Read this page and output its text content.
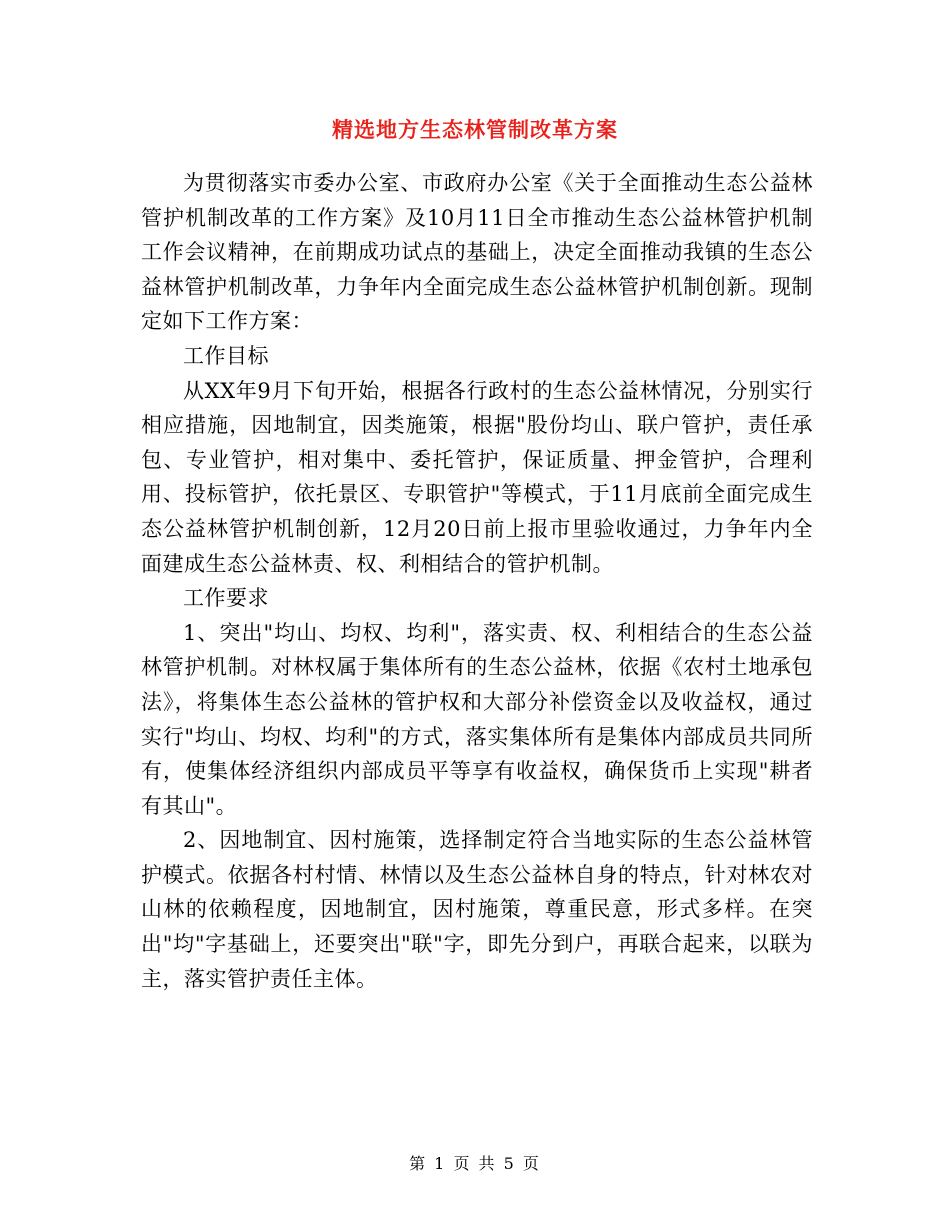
精选地方生态林管制改革方案

为贯彻落实市委办公室、市政府办公室《关于全面推动生态公益林管护机制改革的工作方案》及10月11日全市推动生态公益林管护机制工作会议精神，在前期成功试点的基础上，决定全面推动我镇的生态公益林管护机制改革，力争年内全面完成生态公益林管护机制创新。现制定如下工作方案：

工作目标

从XX年9月下旬开始，根据各行政村的生态公益林情况，分别实行相应措施，因地制宜，因类施策，根据"股份均山、联户管护，责任承包、专业管护，相对集中、委托管护，保证质量、押金管护，合理利用、投标管护，依托景区、专职管护"等模式，于11月底前全面完成生态公益林管护机制创新，12月20日前上报市里验收通过，力争年内全面建成生态公益林责、权、利相结合的管护机制。

工作要求

1、突出"均山、均权、均利"，落实责、权、利相结合的生态公益林管护机制。对林权属于集体所有的生态公益林，依据《农村土地承包法》，将集体生态公益林的管护权和大部分补偿资金以及收益权，通过实行"均山、均权、均利"的方式，落实集体所有是集体内部成员共同所有，使集体经济组织内部成员平等享有收益权，确保货币上实现"耕者有其山"。

2、因地制宜、因村施策，选择制定符合当地实际的生态公益林管护模式。依据各村村情、林情以及生态公益林自身的特点，针对林农对山林的依赖程度，因地制宜，因村施策，尊重民意，形式多样。在突出"均"字基础上，还要突出"联"字，即先分到户，再联合起来，以联为主，落实管护责任主体。

第 1 页 共 5 页
